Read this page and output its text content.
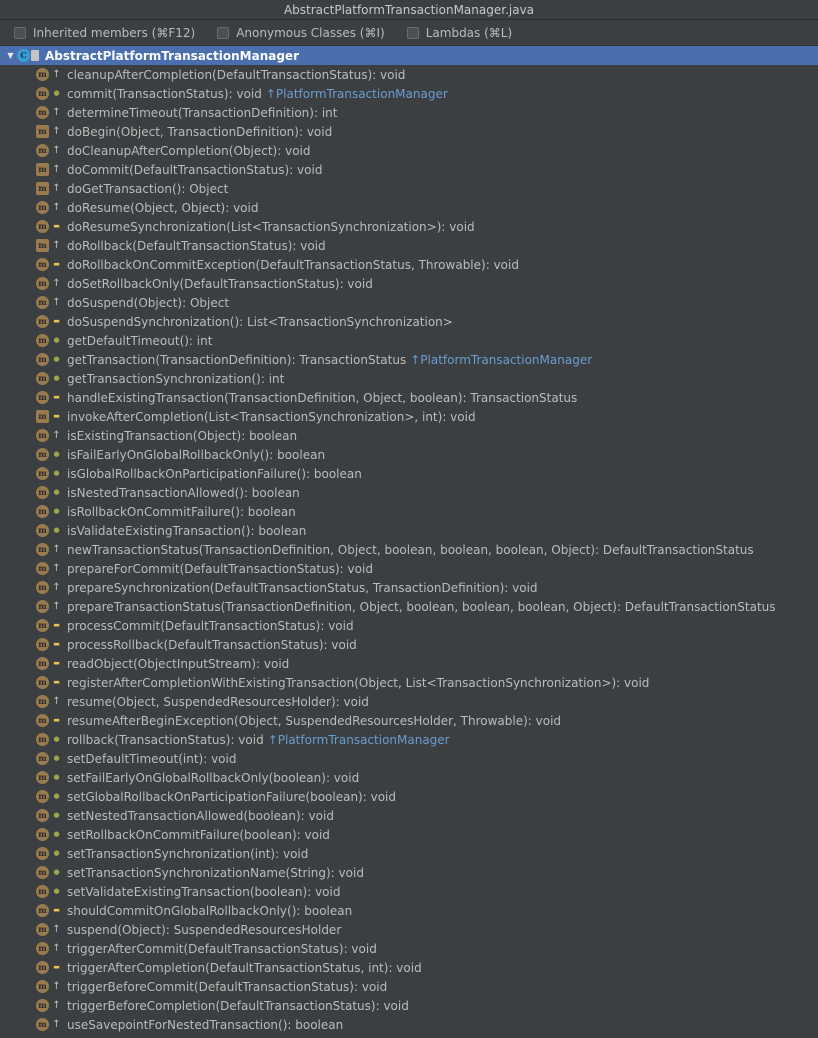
AbstractPlatformTransactionManager.java
Inherited members (⌘F12)	Anonymous Classes (⌘I)	Lambdas (⌘L)
▼ C AbstractPlatformTransactionManager
m ↑ cleanupAfterCompletion(DefaultTransactionStatus): void
m ● commit(TransactionStatus): void ↑PlatformTransactionManager
m ↑ determineTimeout(TransactionDefinition): int
m ↑ doBegin(Object, TransactionDefinition): void
m ↑ doCleanupAfterCompletion(Object): void
m ↑ doCommit(DefaultTransactionStatus): void
m ↑ doGetTransaction(): Object
m ↑ doResume(Object, Object): void
m ▬ doResumeSynchronization(List<TransactionSynchronization>): void
m ↑ doRollback(DefaultTransactionStatus): void
m ▬ doRollbackOnCommitException(DefaultTransactionStatus, Throwable): void
m ↑ doSetRollbackOnly(DefaultTransactionStatus): void
m ↑ doSuspend(Object): Object
m ▬ doSuspendSynchronization(): List<TransactionSynchronization>
m ● getDefaultTimeout(): int
m ● getTransaction(TransactionDefinition): TransactionStatus ↑PlatformTransactionManager
m ● getTransactionSynchronization(): int
m ▬ handleExistingTransaction(TransactionDefinition, Object, boolean): TransactionStatus
m ▬ invokeAfterCompletion(List<TransactionSynchronization>, int): void
m ↑ isExistingTransaction(Object): boolean
m ● isFailEarlyOnGlobalRollbackOnly(): boolean
m ● isGlobalRollbackOnParticipationFailure(): boolean
m ● isNestedTransactionAllowed(): boolean
m ● isRollbackOnCommitFailure(): boolean
m ● isValidateExistingTransaction(): boolean
m ↑ newTransactionStatus(TransactionDefinition, Object, boolean, boolean, boolean, Object): DefaultTransactionStatus
m ↑ prepareForCommit(DefaultTransactionStatus): void
m ↑ prepareSynchronization(DefaultTransactionStatus, TransactionDefinition): void
m ↑ prepareTransactionStatus(TransactionDefinition, Object, boolean, boolean, boolean, Object): DefaultTransactionStatus
m ▬ processCommit(DefaultTransactionStatus): void
m ▬ processRollback(DefaultTransactionStatus): void
m ▬ readObject(ObjectInputStream): void
m ▬ registerAfterCompletionWithExistingTransaction(Object, List<TransactionSynchronization>): void
m ↑ resume(Object, SuspendedResourcesHolder): void
m ▬ resumeAfterBeginException(Object, SuspendedResourcesHolder, Throwable): void
m ● rollback(TransactionStatus): void ↑PlatformTransactionManager
m ● setDefaultTimeout(int): void
m ● setFailEarlyOnGlobalRollbackOnly(boolean): void
m ● setGlobalRollbackOnParticipationFailure(boolean): void
m ● setNestedTransactionAllowed(boolean): void
m ● setRollbackOnCommitFailure(boolean): void
m ● setTransactionSynchronization(int): void
m ● setTransactionSynchronizationName(String): void
m ● setValidateExistingTransaction(boolean): void
m ▬ shouldCommitOnGlobalRollbackOnly(): boolean
m ↑ suspend(Object): SuspendedResourcesHolder
m ↑ triggerAfterCommit(DefaultTransactionStatus): void
m ▬ triggerAfterCompletion(DefaultTransactionStatus, int): void
m ↑ triggerBeforeCommit(DefaultTransactionStatus): void
m ↑ triggerBeforeCompletion(DefaultTransactionStatus): void
m ↑ useSavepointForNestedTransaction(): boolean
